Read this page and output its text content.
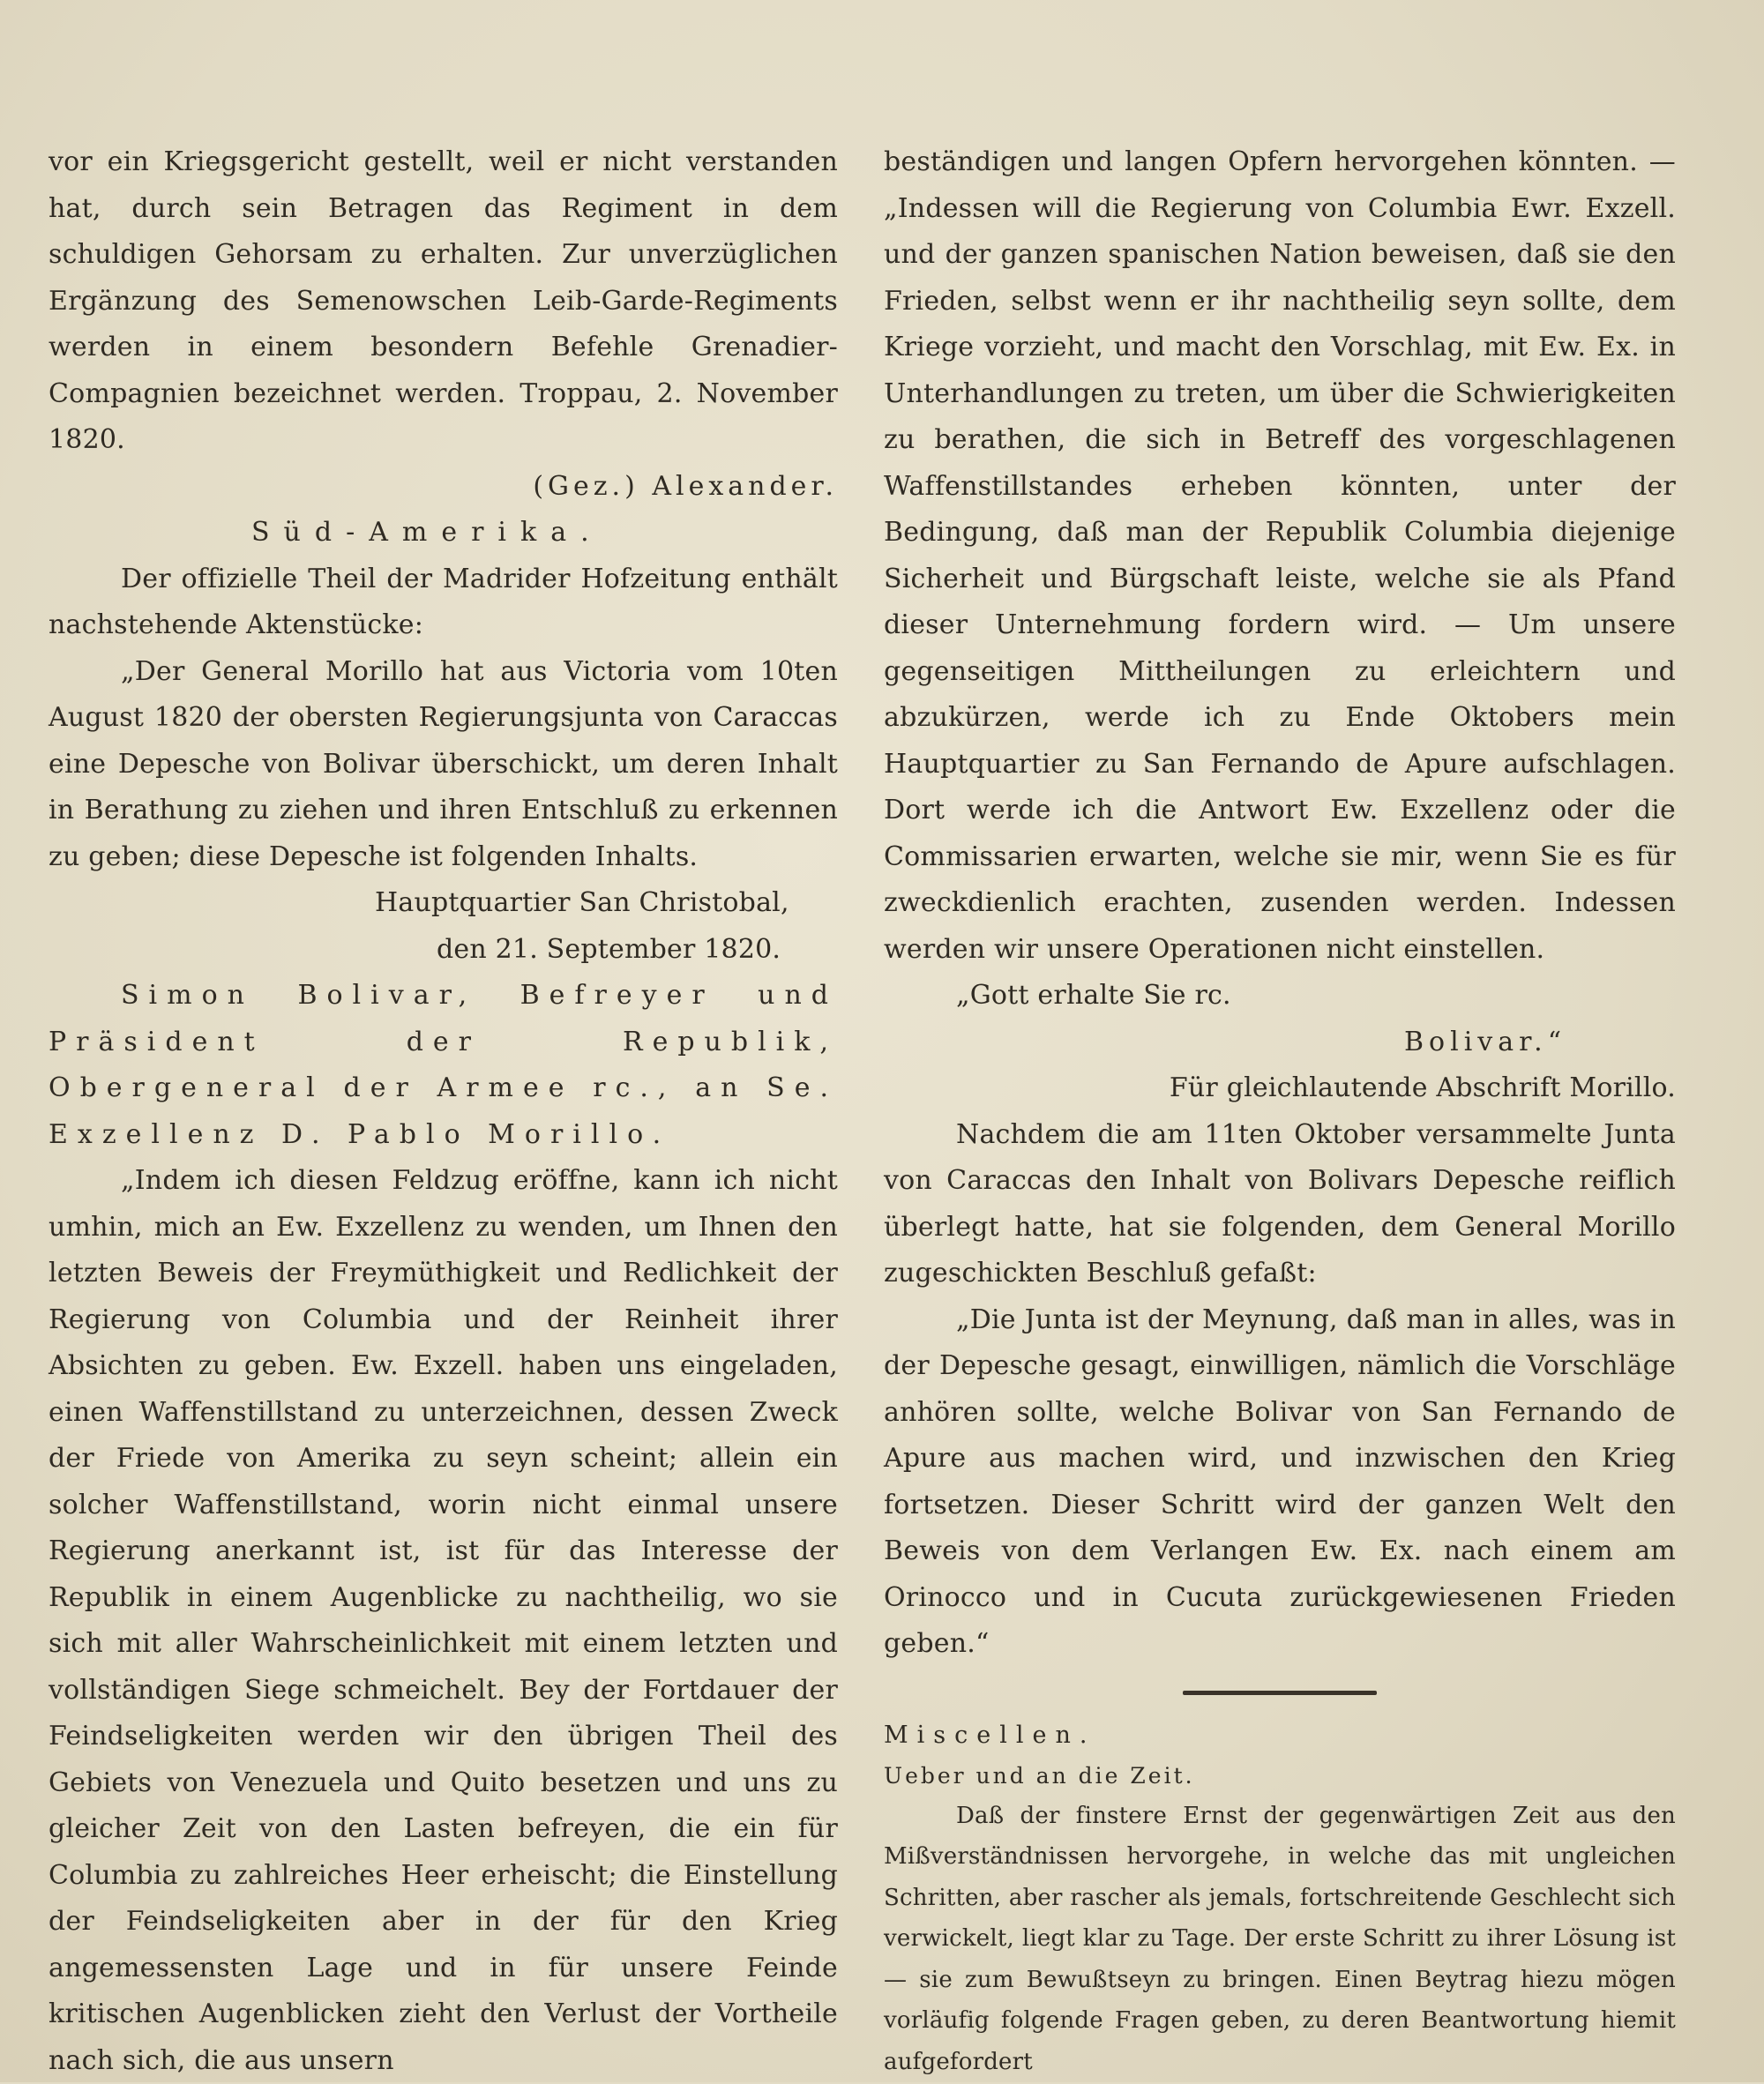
vor ein Kriegsgericht gestellt, weil er nicht verstanden hat, durch sein Betragen das Regiment in dem schuldigen Gehorsam zu erhalten. Zur unverzüglichen Ergänzung des Semenowschen Leib-Garde-Regiments werden in einem besondern Befehle Grenadier-Compagnien bezeichnet werden. Troppau, 2. November 1820.

(Gez.) Alexander.

Süd-Amerika.

Der offizielle Theil der Madrider Hofzeitung enthält nachstehende Aktenstücke:

„Der General Morillo hat aus Victoria vom 10ten August 1820 der obersten Regierungsjunta von Caraccas eine Depesche von Bolivar überschickt, um deren Inhalt in Berathung zu ziehen und ihren Entschluß zu erkennen zu geben; diese Depesche ist folgenden Inhalts.

Hauptquartier San Christobal,

den 21. September 1820.

Simon Bolivar, Befreyer und Präsident der Republik, Obergeneral der Armee rc., an Se. Exzellenz D. Pablo Morillo.

„Indem ich diesen Feldzug eröffne, kann ich nicht umhin, mich an Ew. Exzellenz zu wenden, um Ihnen den letzten Beweis der Freymüthigkeit und Redlichkeit der Regierung von Columbia und der Reinheit ihrer Absichten zu geben. Ew. Exzell. haben uns eingeladen, einen Waffenstillstand zu unterzeichnen, dessen Zweck der Friede von Amerika zu seyn scheint; allein ein solcher Waffenstillstand, worin nicht einmal unsere Regierung anerkannt ist, ist für das Interesse der Republik in einem Augenblicke zu nachtheilig, wo sie sich mit aller Wahrscheinlichkeit mit einem letzten und vollständigen Siege schmeichelt. Bey der Fortdauer der Feindseligkeiten werden wir den übrigen Theil des Gebiets von Venezuela und Quito besetzen und uns zu gleicher Zeit von den Lasten befreyen, die ein für Columbia zu zahlreiches Heer erheischt; die Einstellung der Feindseligkeiten aber in der für den Krieg angemessensten Lage und in für unsere Feinde kritischen Augenblicken zieht den Verlust der Vortheile nach sich, die aus unsern

beständigen und langen Opfern hervorgehen könnten. — „Indessen will die Regierung von Columbia Ewr. Exzell. und der ganzen spanischen Nation beweisen, daß sie den Frieden, selbst wenn er ihr nachtheilig seyn sollte, dem Kriege vorzieht, und macht den Vorschlag, mit Ew. Ex. in Unterhandlungen zu treten, um über die Schwierigkeiten zu berathen, die sich in Betreff des vorgeschlagenen Waffenstillstandes erheben könnten, unter der Bedingung, daß man der Republik Columbia diejenige Sicherheit und Bürgschaft leiste, welche sie als Pfand dieser Unternehmung fordern wird. — Um unsere gegenseitigen Mittheilungen zu erleichtern und abzukürzen, werde ich zu Ende Oktobers mein Hauptquartier zu San Fernando de Apure aufschlagen. Dort werde ich die Antwort Ew. Exzellenz oder die Commissarien erwarten, welche sie mir, wenn Sie es für zweckdienlich erachten, zusenden werden. Indessen werden wir unsere Operationen nicht einstellen.

„Gott erhalte Sie rc.

Bolivar.“

Für gleichlautende Abschrift Morillo.

Nachdem die am 11ten Oktober versammelte Junta von Caraccas den Inhalt von Bolivars Depesche reiflich überlegt hatte, hat sie folgenden, dem General Morillo zugeschickten Beschluß gefaßt:

„Die Junta ist der Meynung, daß man in alles, was in der Depesche gesagt, einwilligen, nämlich die Vorschläge anhören sollte, welche Bolivar von San Fernando de Apure aus machen wird, und inzwischen den Krieg fortsetzen. Dieser Schritt wird der ganzen Welt den Beweis von dem Verlangen Ew. Ex. nach einem am Orinocco und in Cucuta zurückgewiesenen Frieden geben.“

Miscellen.

Ueber und an die Zeit.

Daß der finstere Ernst der gegenwärtigen Zeit aus den Mißverständnissen hervorgehe, in welche das mit ungleichen Schritten, aber rascher als jemals, fortschreitende Geschlecht sich verwickelt, liegt klar zu Tage. Der erste Schritt zu ihrer Lösung ist — sie zum Bewußtseyn zu bringen. Einen Beytrag hiezu mögen vorläufig folgende Fragen geben, zu deren Beantwortung hiemit aufgefordert
